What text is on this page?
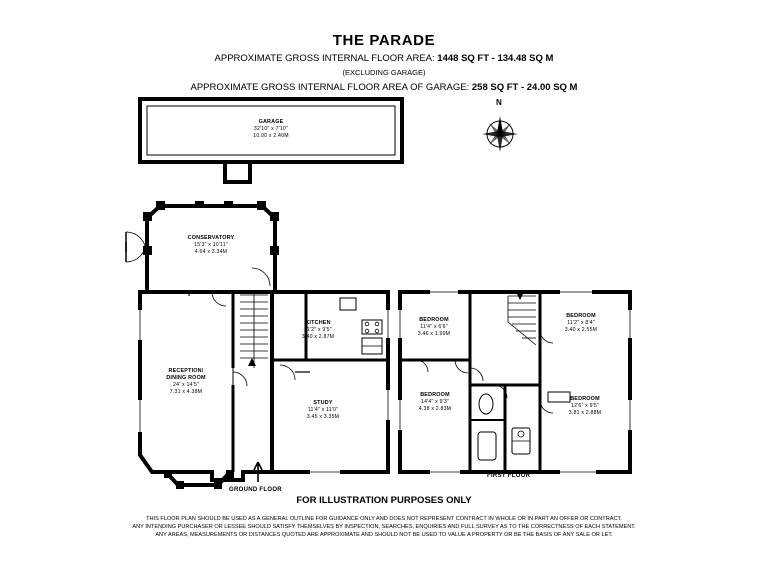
THE PARADE
APPROXIMATE GROSS INTERNAL FLOOR AREA: 1448 SQ FT - 134.48 SQ M
(EXCLUDING GARAGE)
APPROXIMATE GROSS INTERNAL FLOOR AREA OF GARAGE: 258 SQ FT - 24.00 SQ M
N
GARAGE
32'10" x 7'10"
10.00 x 2.40M
CONSERVATORY
15'3" x 10'11"
4.64 x 3.34M
RECEPTION/
DINING ROOM
24' x 14'5"
7.31 x 4.38M
KITCHEN
11'2" x 9'5"
3.40 x 2.87M
STUDY
11'4" x 11'0"
3.45 x 3.35M
BEDROOM
11'4" x 6'6"
3.46 x 1.99M
BEDROOM
11'2" x 8'4"
3.40 x 2.55M
BEDROOM
14'4" x 9'3"
4.38 x 2.83M
BEDROOM
12'6" x 9'5"
3.81 x 2.88M
GROUND FLOOR
FIRST FLOOR
FOR ILLUSTRATION PURPOSES ONLY
THIS FLOOR PLAN SHOULD BE USED AS A GENERAL OUTLINE FOR GUIDANCE ONLY AND DOES NOT REPRESENT CONTRACT IN WHOLE OR IN PART AN OFFER OR CONTRACT.
ANY INTENDING PURCHASER OR LESSEE SHOULD SATISFY THEMSELVES BY INSPECTION, SEARCHES, ENQUIRIES AND FULL SURVEY AS TO THE CORRECTNESS OF EACH STATEMENT.
ANY AREAS, MEASUREMENTS OR DISTANCES QUOTED ARE APPROXIMATE AND SHOULD NOT BE USED TO VALUE A PROPERTY OR BE THE BASIS OF ANY SALE OR LET.
